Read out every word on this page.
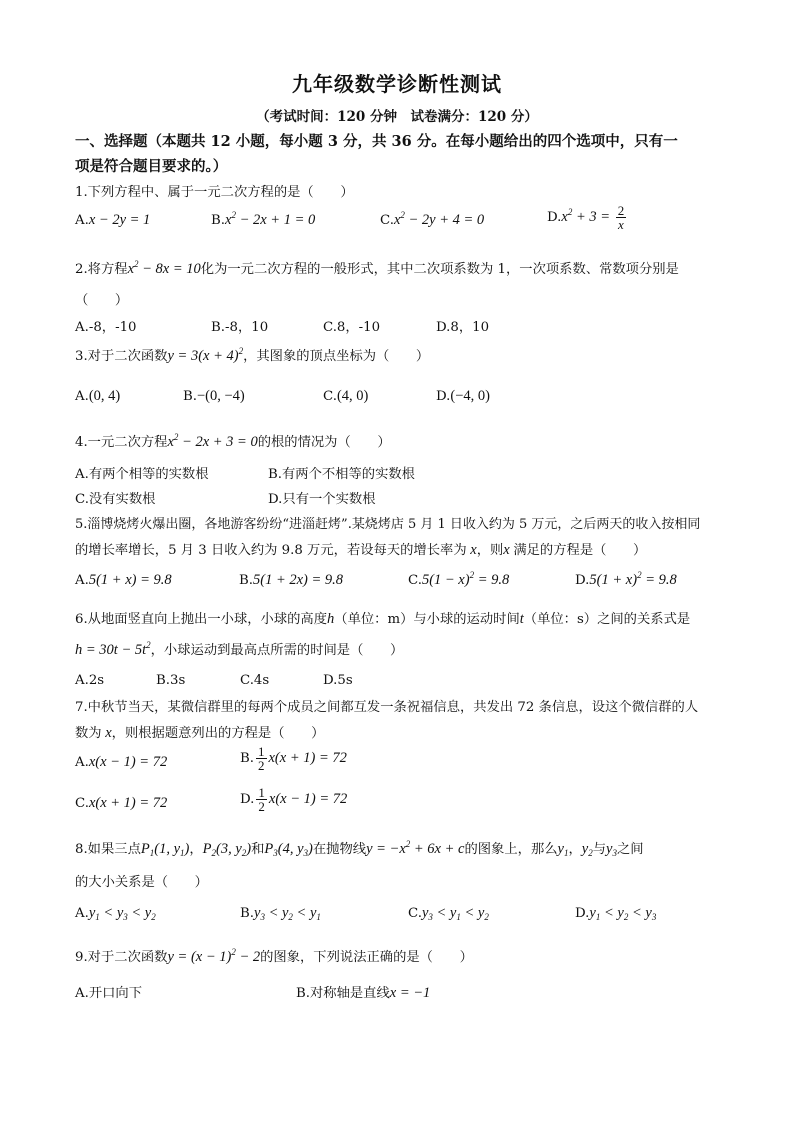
九年级数学诊断性测试
（考试时间：120 分钟　试卷满分：120 分）
一、选择题（本题共 12 小题，每小题 3 分，共 36 分。在每小题给出的四个选项中，只有一
项是符合题目要求的。）
1.下列方程中、属于一元二次方程的是（　　）
A.x − 2y = 1	$B.x^2 - 2x + 1 = 0$	$C.x^2 - 2y + 4 = 0$	$D.x^2 + 3 = \frac{2}{x}$
2.将方程$x^2 - 8x = 10$化为一元二次方程的一般形式，其中二次项系数为 1，一次项系数、常数项分别是
（　　）
A.-8，-10	B.-8，10	C.8，-10	D.8，10
3.对于二次函数$y = 3(x + 4)^2$，其图象的顶点坐标为（　　）
A.(0, 4)	B.−(0, −4)	C.(4, 0)	D.(−4, 0)
4.一元二次方程$x^2 - 2x + 3 = 0$的根的情况为（　　）
A.有两个相等的实数根	B.有两个不相等的实数根
C.没有实数根	D.只有一个实数根
5.淄博烧烤火爆出圈，各地游客纷纷“进淄赶烤”.某烧烤店 5 月 1 日收入约为 5 万元，之后两天的收入按相同
的增长率增长，5 月 3 日收入约为 9.8 万元，若设每天的增长率为 x，则x 满足的方程是（　　）
A.5(1 + x) = 9.8	B.5(1 + 2x) = 9.8	$C.5(1 - x)^2 = 9.8$	$D.5(1 + x)^2 = 9.8$
6.从地面竖直向上抛出一小球，小球的高度h（单位：m）与小球的运动时间t（单位：s）之间的关系式是
$h = 30t - 5t^2$，小球运动到最高点所需的时间是（　　）
A.2s	B.3s	C.4s	D.5s
7.中秋节当天，某微信群里的每两个成员之间都互发一条祝福信息，共发出 72 条信息，设这个微信群的人
数为 x，则根据题意列出的方程是（　　）
A.x(x − 1) = 72	B. $\frac{1}{2} x(x + 1) = 72$
C.x(x + 1) = 72	D. $\frac{1}{2} x(x - 1) = 72$
8.如果三点$P_1(1$, $y_1$)，$P_2(3$, $y_2$)和$P_3(4$, $y_3$)在抛物线$y = -x^2 + 6x + c$的图象上，那么$y_1$，$y_2$与$y_3$之间
的大小关系是（　　）
$A.y_1 < y_3 < y_2$	$B.y_3 < y_2 < y_1$	$C.y_3 < y_1 < y_2$	$D.y_1 < y_2 < y_3$
9.对于二次函数$y = (x - 1)^2 - 2$的图象，下列说法正确的是（　　）
A.开口向下	B.对称轴是直线x = −1
